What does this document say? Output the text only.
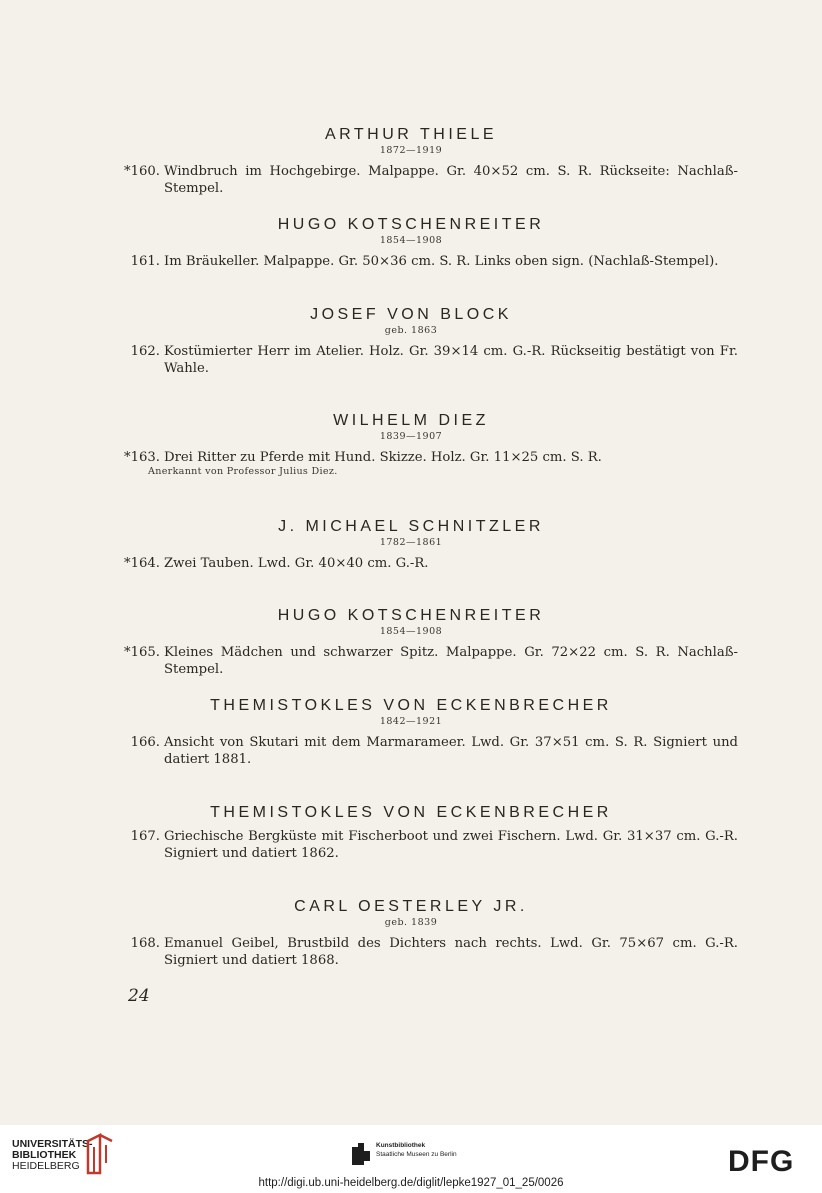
ARTHUR THIELE
1872—1919
*160. Windbruch im Hochgebirge. Malpappe. Gr. 40×52 cm. S. R. Rückseite: Nachlaß-Stempel.
HUGO KOTSCHENREITER
1854—1908
161. Im Bräukeller. Malpappe. Gr. 50×36 cm. S. R. Links oben sign. (Nachlaß-Stempel).
JOSEF VON BLOCK
geb. 1863
162. Kostümierter Herr im Atelier. Holz. Gr. 39×14 cm. G.-R. Rückseitig bestätigt von Fr. Wahle.
WILHELM DIEZ
1839—1907
*163. Drei Ritter zu Pferde mit Hund. Skizze. Holz. Gr. 11×25 cm. S. R.
Anerkannt von Professor Julius Diez.
J. MICHAEL SCHNITZLER
1782—1861
*164. Zwei Tauben. Lwd. Gr. 40×40 cm. G.-R.
HUGO KOTSCHENREITER
1854—1908
*165. Kleines Mädchen und schwarzer Spitz. Malpappe. Gr. 72×22 cm. S. R. Nachlaß-Stempel.
THEMISTOKLES VON ECKENBRECHER
1842—1921
166. Ansicht von Skutari mit dem Marmarameer. Lwd. Gr. 37×51 cm. S. R. Signiert und datiert 1881.
THEMISTOKLES VON ECKENBRECHER
167. Griechische Bergküste mit Fischerboot und zwei Fischern. Lwd. Gr. 31×37 cm. G.-R. Signiert und datiert 1862.
CARL OESTERLEY JR.
geb. 1839
168. Emanuel Geibel, Brustbild des Dichters nach rechts. Lwd. Gr. 75×67 cm. G.-R. Signiert und datiert 1868.
24
UNIVERSITÄTS-
BIBLIOTHEK
HEIDELBERG
Kunstbibliothek
Staatliche Museen zu Berlin	DFG
http://digi.ub.uni-heidelberg.de/diglit/lepke1927_01_25/0026
